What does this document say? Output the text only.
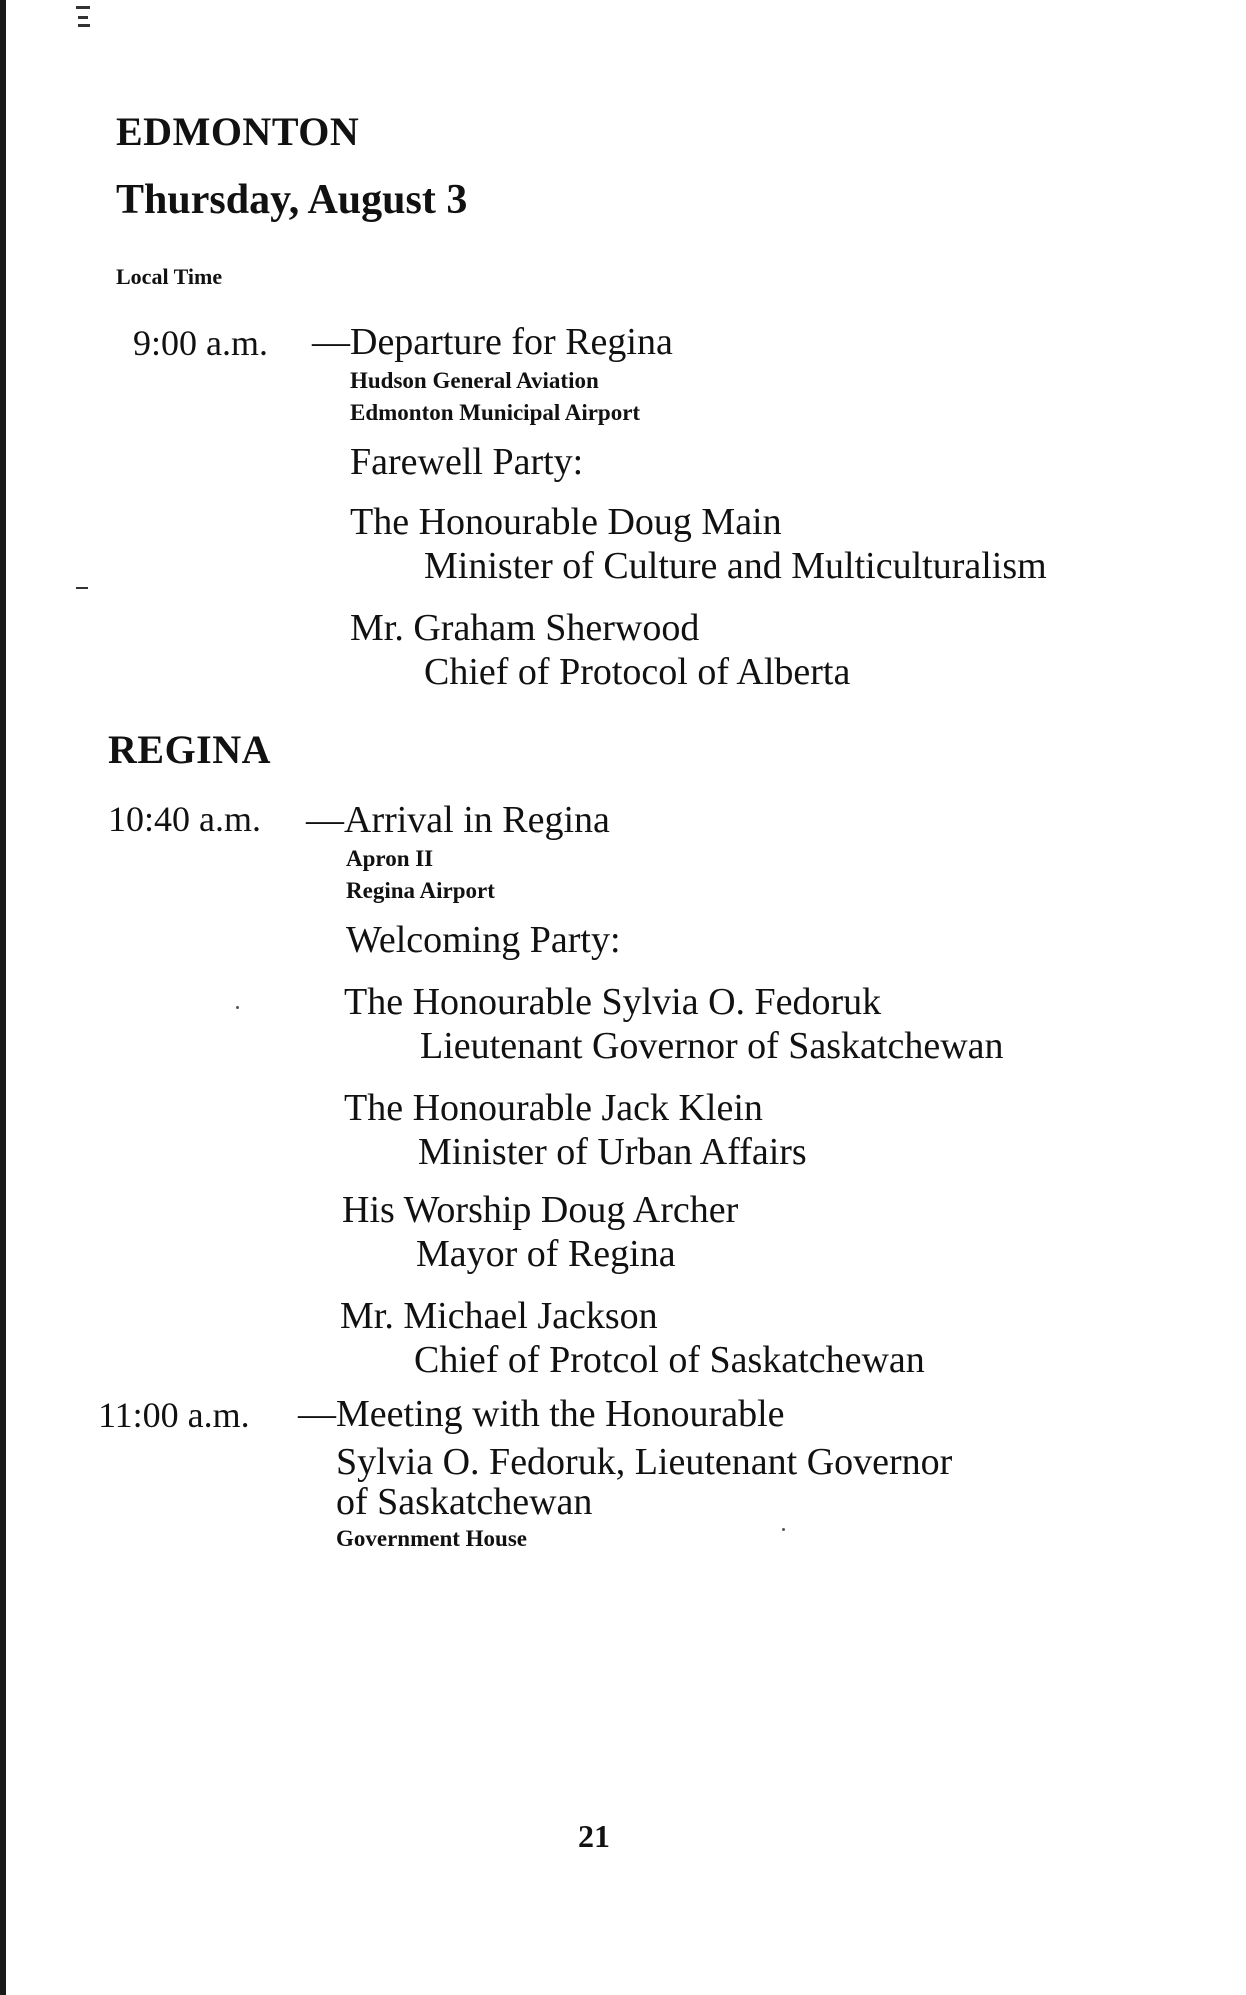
EDMONTON
Thursday, August 3
Local Time
9:00 a.m. —Departure for Regina
Hudson General Aviation
Edmonton Municipal Airport
Farewell Party:
The Honourable Doug Main
Minister of Culture and Multiculturalism
Mr. Graham Sherwood
Chief of Protocol of Alberta
REGINA
10:40 a.m. —Arrival in Regina
Apron II
Regina Airport
Welcoming Party:
The Honourable Sylvia O. Fedoruk
Lieutenant Governor of Saskatchewan
The Honourable Jack Klein
Minister of Urban Affairs
His Worship Doug Archer
Mayor of Regina
Mr. Michael Jackson
Chief of Protcol of Saskatchewan
11:00 a.m. —Meeting with the Honourable
Sylvia O. Fedoruk, Lieutenant Governor
of Saskatchewan
Government House
21
